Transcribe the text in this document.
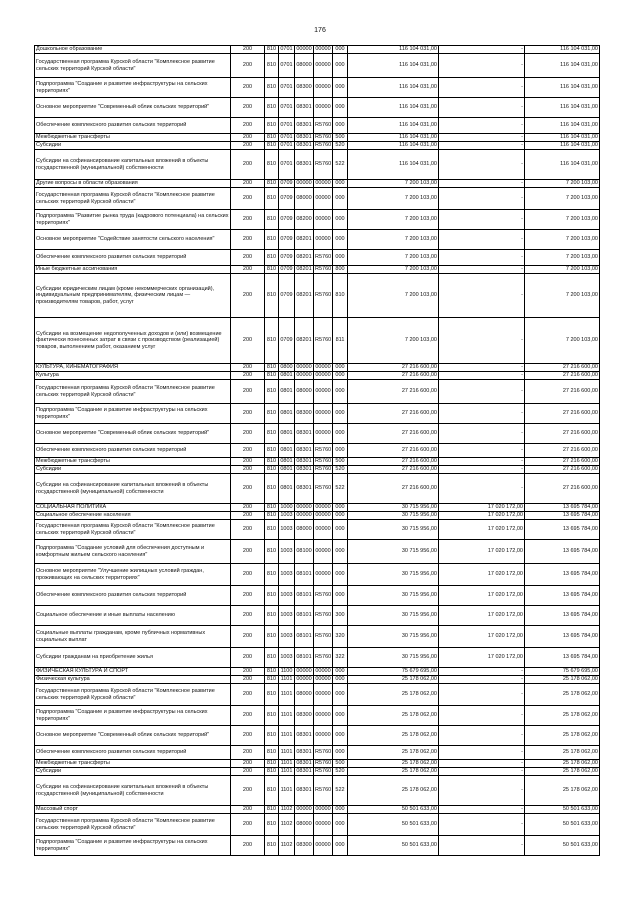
176
Дошкольное образование	200	810	0701	00000	00000	000	116 104 031,00	-	116 104 031,00
Государственная программа Курской области "Комплексное развитие сельских территорий Курской области"	200	810	0701	08000	00000	000	116 104 031,00	-	116 104 031,00
Подпрограмма "Создание и развитие инфраструктуры на сельских территориях"	200	810	0701	08300	00000	000	116 104 031,00	-	116 104 031,00
Основное мероприятие "Современный облик сельских территорий"	200	810	0701	08301	00000	000	116 104 031,00	-	116 104 031,00
Обеспечение комплексного развития сельских территорий	200	810	0701	08301	R5760	000	116 104 031,00	-	116 104 031,00
Межбюджетные трансферты	200	810	0701	08301	R5760	500	116 104 031,00	-	116 104 031,00
Субсидии	200	810	0701	08301	R5760	520	116 104 031,00	-	116 104 031,00
Субсидии на софинансирование капитальных вложений в объекты государственной (муниципальной) собственности	200	810	0701	08301	R5760	522	116 104 031,00	-	116 104 031,00
Другие вопросы в области образования	200	810	0709	00000	00000	000	7 200 103,00	-	7 200 103,00
Государственная программа Курской области "Комплексное развитие сельских территорий Курской области"	200	810	0709	08000	00000	000	7 200 103,00	-	7 200 103,00
Подпрограмма "Развитие рынка труда (кадрового потенциала) на сельских территориях"	200	810	0709	08200	00000	000	7 200 103,00	-	7 200 103,00
Основное мероприятие "Содействие занятости сельского населения"	200	810	0709	08201	00000	000	7 200 103,00	-	7 200 103,00
Обеспечение комплексного развития сельских территорий	200	810	0709	08201	R5760	000	7 200 103,00	-	7 200 103,00
Иные бюджетные ассигнования	200	810	0709	08201	R5760	800	7 200 103,00	-	7 200 103,00
Субсидии юридическим лицам (кроме некоммерческих организаций), индивидуальным предпринимателям, физическим лицам — производителям товаров, работ, услуг	200	810	0709	08201	R5760	810	7 200 103,00	-	7 200 103,00
Субсидии на возмещение недополученных доходов и (или) возмещение фактически понесенных затрат в связи с производством (реализацией) товаров, выполнением работ, оказанием услуг	200	810	0709	08201	R5760	811	7 200 103,00	-	7 200 103,00
КУЛЬТУРА, КИНЕМАТОГРАФИЯ	200	810	0800	00000	00000	000	27 216 600,00	-	27 216 600,00
Культура	200	810	0801	00000	00000	000	27 216 600,00	-	27 216 600,00
Государственная программа Курской области "Комплексное развитие сельских территорий Курской области"	200	810	0801	08000	00000	000	27 216 600,00	-	27 216 600,00
Подпрограмма "Создание и развитие инфраструктуры на сельских территориях"	200	810	0801	08300	00000	000	27 216 600,00	-	27 216 600,00
Основное мероприятие "Современный облик сельских территорий"	200	810	0801	08301	00000	000	27 216 600,00	-	27 216 600,00
Обеспечение комплексного развития сельских территорий	200	810	0801	08301	R5760	000	27 216 600,00	-	27 216 600,00
Межбюджетные трансферты	200	810	0801	08301	R5760	500	27 216 600,00	-	27 216 600,00
Субсидии	200	810	0801	08301	R5760	520	27 216 600,00	-	27 216 600,00
Субсидии на софинансирование капитальных вложений в объекты государственной (муниципальной) собственности	200	810	0801	08301	R5760	522	27 216 600,00	-	27 216 600,00
СОЦИАЛЬНАЯ ПОЛИТИКА	200	810	1000	00000	00000	000	30 715 956,00	17 020 172,00	13 695 784,00
Социальное обеспечение населения	200	810	1003	00000	00000	000	30 715 956,00	17 020 172,00	13 695 784,00
Государственная программа Курской области "Комплексное развитие сельских территорий Курской области"	200	810	1003	08000	00000	000	30 715 956,00	17 020 172,00	13 695 784,00
Подпрограмма "Создание условий для обеспечения доступным и комфортным жильем сельского населения"	200	810	1003	08100	00000	000	30 715 956,00	17 020 172,00	13 695 784,00
Основное мероприятие "Улучшение жилищных условий граждан, проживающих на сельских территориях"	200	810	1003	08101	00000	000	30 715 956,00	17 020 172,00	13 695 784,00
Обеспечение комплексного развития сельских территорий	200	810	1003	08101	R5760	000	30 715 956,00	17 020 172,00	13 695 784,00
Социальное обеспечение и иные выплаты населению	200	810	1003	08101	R5760	300	30 715 956,00	17 020 172,00	13 695 784,00
Социальные выплаты гражданам, кроме публичных нормативных социальных выплат	200	810	1003	08101	R5760	320	30 715 956,00	17 020 172,00	13 695 784,00
Субсидии гражданам на приобретение жилья	200	810	1003	08101	R5760	322	30 715 956,00	17 020 172,00	13 695 784,00
ФИЗИЧЕСКАЯ КУЛЬТУРА И СПОРТ	200	810	1100	00000	00000	000	75 679 695,00	-	75 679 695,00
Физическая культура	200	810	1101	00000	00000	000	25 178 062,00	-	25 178 062,00
Государственная программа Курской области "Комплексное развитие сельских территорий Курской области"	200	810	1101	08000	00000	000	25 178 062,00	-	25 178 062,00
Подпрограмма "Создание и развитие инфраструктуры на сельских территориях"	200	810	1101	08300	00000	000	25 178 062,00	-	25 178 062,00
Основное мероприятие "Современный облик сельских территорий"	200	810	1101	08301	00000	000	25 178 062,00	-	25 178 062,00
Обеспечение комплексного развития сельских территорий	200	810	1101	08301	R5760	000	25 178 062,00	-	25 178 062,00
Межбюджетные трансферты	200	810	1101	08301	R5760	500	25 178 062,00	-	25 178 062,00
Субсидии	200	810	1101	08301	R5760	520	25 178 062,00	-	25 178 062,00
Субсидии на софинансирование капитальных вложений в объекты государственной (муниципальной) собственности	200	810	1101	08301	R5760	522	25 178 062,00	-	25 178 062,00
Массовый спорт	200	810	1102	00000	00000	000	50 501 633,00	-	50 501 633,00
Государственная программа Курской области "Комплексное развитие сельских территорий Курской области"	200	810	1102	08000	00000	000	50 501 633,00	-	50 501 633,00
Подпрограмма "Создание и развитие инфраструктуры на сельских территориях"	200	810	1102	08300	00000	000	50 501 633,00	-	50 501 633,00
